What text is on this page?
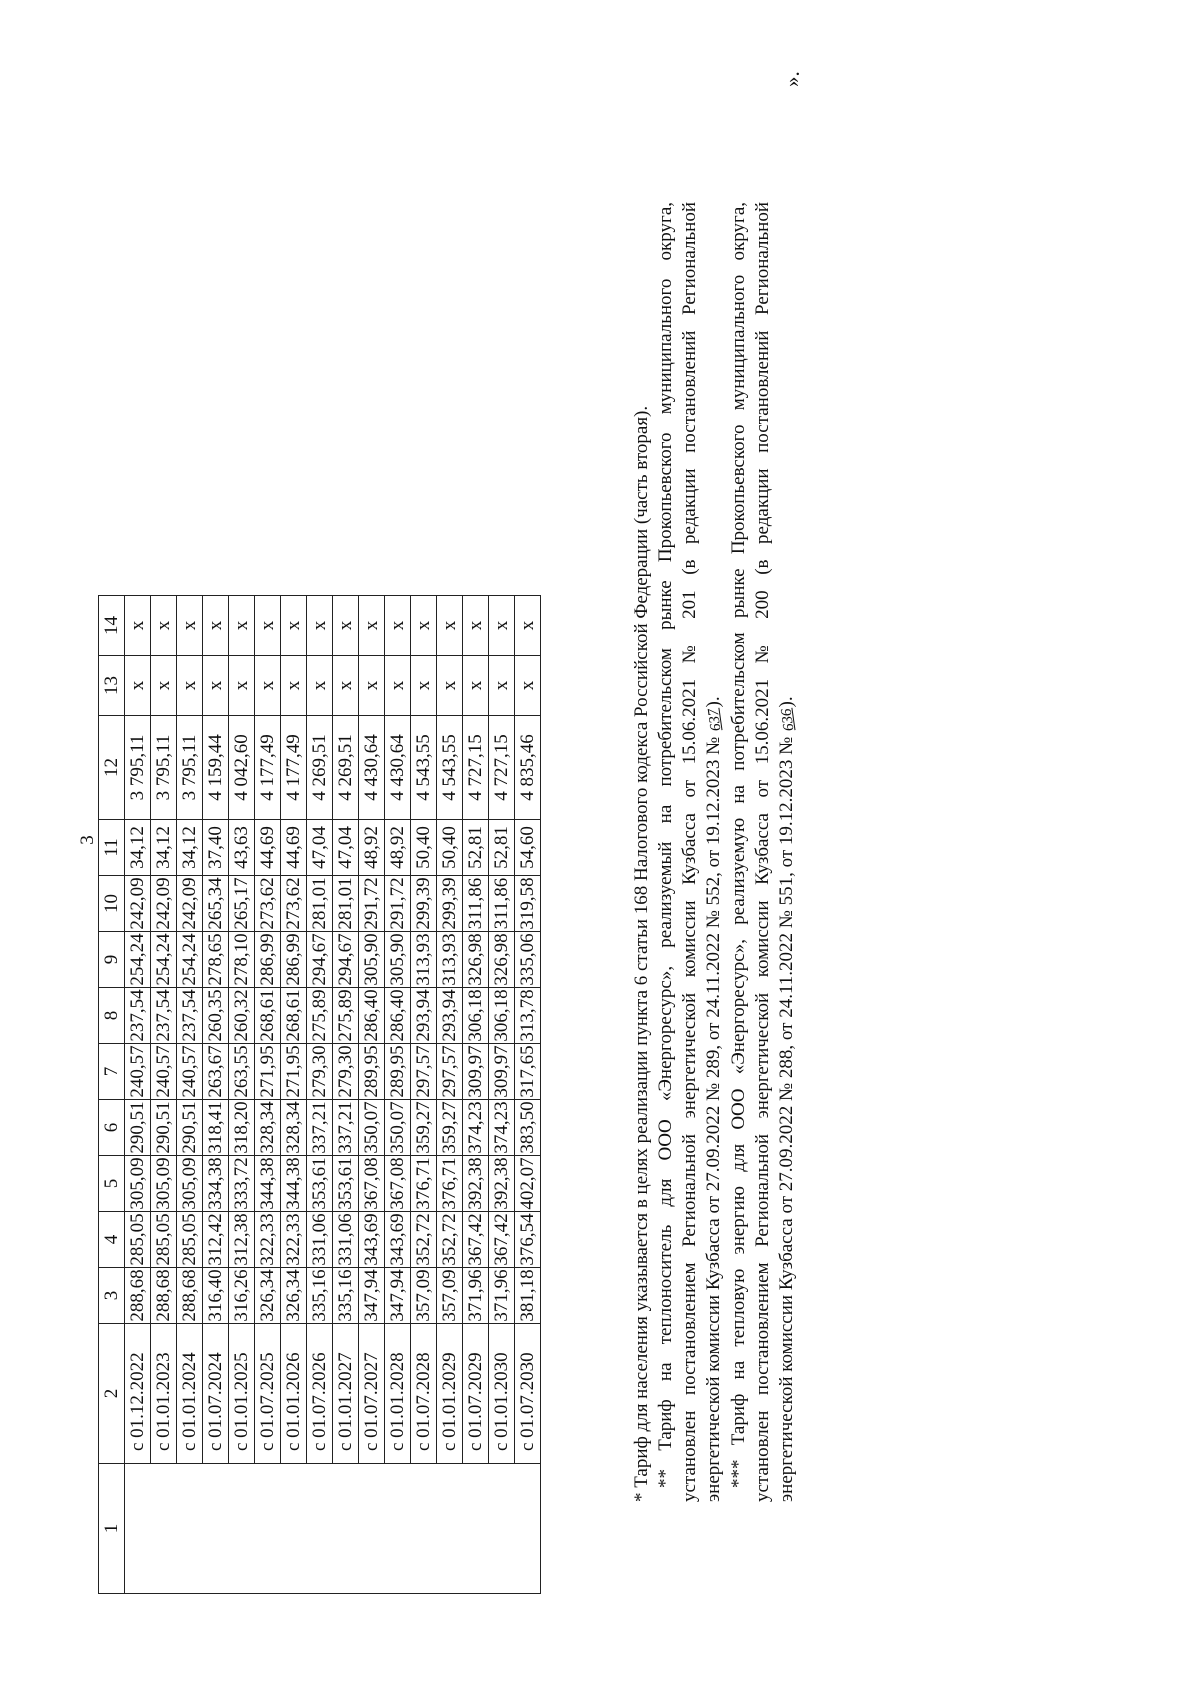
3
1	2	3	4	5	6	7	8	9	10	11	12	13	14
	с 01.12.2022	288,68	285,05	305,09	290,51	240,57	237,54	254,24	242,09	34,12	3 795,11	x	x
	с 01.01.2023	288,68	285,05	305,09	290,51	240,57	237,54	254,24	242,09	34,12	3 795,11	x	x
	с 01.01.2024	288,68	285,05	305,09	290,51	240,57	237,54	254,24	242,09	34,12	3 795,11	x	x
	с 01.07.2024	316,40	312,42	334,38	318,41	263,67	260,35	278,65	265,34	37,40	4 159,44	x	x
	с 01.01.2025	316,26	312,38	333,72	318,20	263,55	260,32	278,10	265,17	43,63	4 042,60	x	x
	с 01.07.2025	326,34	322,33	344,38	328,34	271,95	268,61	286,99	273,62	44,69	4 177,49	x	x
	с 01.01.2026	326,34	322,33	344,38	328,34	271,95	268,61	286,99	273,62	44,69	4 177,49	x	x
	с 01.07.2026	335,16	331,06	353,61	337,21	279,30	275,89	294,67	281,01	47,04	4 269,51	x	x
	с 01.01.2027	335,16	331,06	353,61	337,21	279,30	275,89	294,67	281,01	47,04	4 269,51	x	x
	с 01.07.2027	347,94	343,69	367,08	350,07	289,95	286,40	305,90	291,72	48,92	4 430,64	x	x
	с 01.01.2028	347,94	343,69	367,08	350,07	289,95	286,40	305,90	291,72	48,92	4 430,64	x	x
	с 01.07.2028	357,09	352,72	376,71	359,27	297,57	293,94	313,93	299,39	50,40	4 543,55	x	x
	с 01.01.2029	357,09	352,72	376,71	359,27	297,57	293,94	313,93	299,39	50,40	4 543,55	x	x
	с 01.07.2029	371,96	367,42	392,38	374,23	309,97	306,18	326,98	311,86	52,81	4 727,15	x	x
	с 01.01.2030	371,96	367,42	392,38	374,23	309,97	306,18	326,98	311,86	52,81	4 727,15	x	x
	с 01.07.2030	381,18	376,54	402,07	383,50	317,65	313,78	335,06	319,58	54,60	4 835,46	x	x	* Тариф для населения указывается в целях реализации пункта 6 статьи 168 Налогового кодекса Российской Федерации (часть вторая). ** Тариф на теплоноситель для ООО «Энергоресурс», реализуемый на потребительском рынке Прокопьевского муниципального округа, установлен постановлением Региональной энергетической комиссии Кузбасса от 15.06.2021 № 201 (в редакции постановлений Региональной энергетической комиссии Кузбасса от 27.09.2022 № 289, от 24.11.2022 № 552, от 19.12.2023 № 637). *** Тариф на тепловую энергию для ООО «Энергоресурс», реализуемую на потребительском рынке Прокопьевского муниципального округа, установлен постановлением Региональной энергетической комиссии Кузбасса от 15.06.2021 № 200 (в редакции постановлений Региональной энергетической комиссии Кузбасса от 27.09.2022 № 288, от 24.11.2022 № 551, от 19.12.2023 № 636).

».
